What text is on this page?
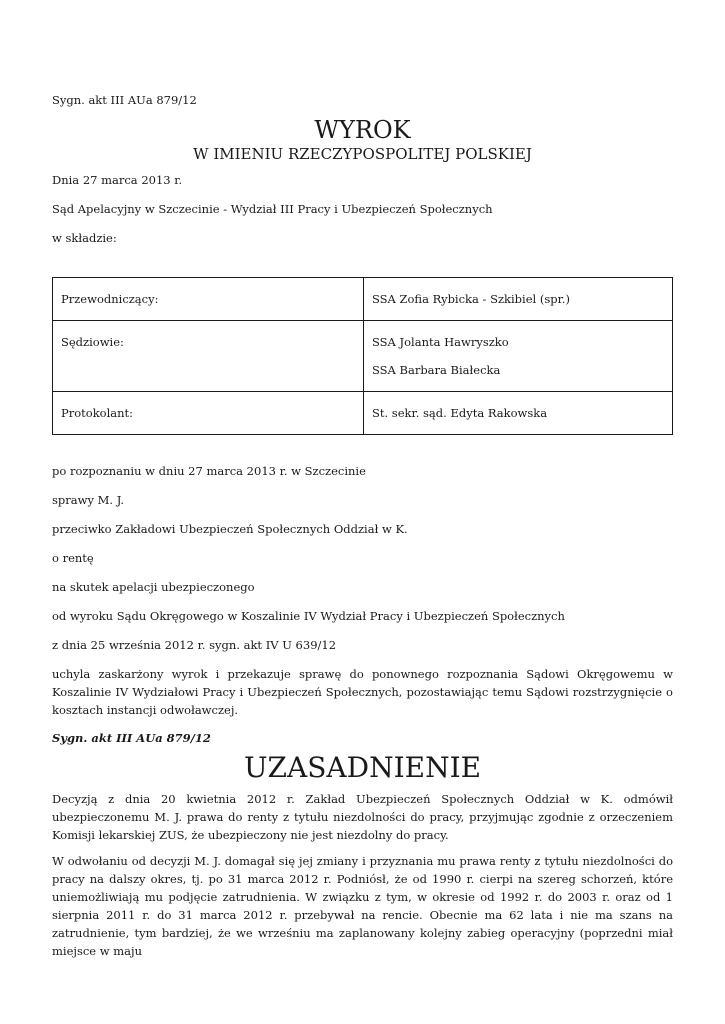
Sygn. akt III AUa 879/12
WYROK
W IMIENIU RZECZYPOSPOLITEJ POLSKIEJ
Dnia 27 marca 2013 r.
Sąd Apelacyjny w Szczecinie - Wydział III Pracy i Ubezpieczeń Społecznych
w składzie:
Przewodniczący:	SSA Zofia Rybicka - Szkibiel (spr.)

Sędziowie:	SSA Jolanta Hawryszko
SSA Barbara Białecka

Protokolant:	St. sekr. sąd. Edyta Rakowska
po rozpoznaniu w dniu 27 marca 2013 r. w Szczecinie
sprawy M. J.
przeciwko Zakładowi Ubezpieczeń Społecznych Oddział w K.
o rentę
na skutek apelacji ubezpieczonego
od wyroku Sądu Okręgowego w Koszalinie IV Wydział Pracy i Ubezpieczeń Społecznych
z dnia 25 września 2012 r. sygn. akt IV U 639/12
uchyla zaskarżony wyrok i przekazuje sprawę do ponownego rozpoznania Sądowi Okręgowemu w Koszalinie IV Wydziałowi Pracy i Ubezpieczeń Społecznych, pozostawiając temu Sądowi rozstrzygnięcie o kosztach instancji odwoławczej.
Sygn. akt III AUa 879/12
UZASADNIENIE
Decyzją z dnia 20 kwietnia 2012 r. Zakład Ubezpieczeń Społecznych Oddział w K. odmówił ubezpieczonemu M. J. prawa do renty z tytułu niezdolności do pracy, przyjmując zgodnie z orzeczeniem Komisji lekarskiej ZUS, że ubezpieczony nie jest niezdolny do pracy.
W odwołaniu od decyzji M. J. domagał się jej zmiany i przyznania mu prawa renty z tytułu niezdolności do pracy na dalszy okres, tj. po 31 marca 2012 r. Podniósł, że od 1990 r. cierpi na szereg schorzeń, które uniemożliwiają mu podjęcie zatrudnienia. W związku z tym, w okresie od 1992 r. do 2003 r. oraz od 1 sierpnia 2011 r. do 31 marca 2012 r. przebywał na rencie. Obecnie ma 62 lata i nie ma szans na zatrudnienie, tym bardziej, że we wrześniu ma zaplanowany kolejny zabieg operacyjny (poprzedni miał miejsce w maju
